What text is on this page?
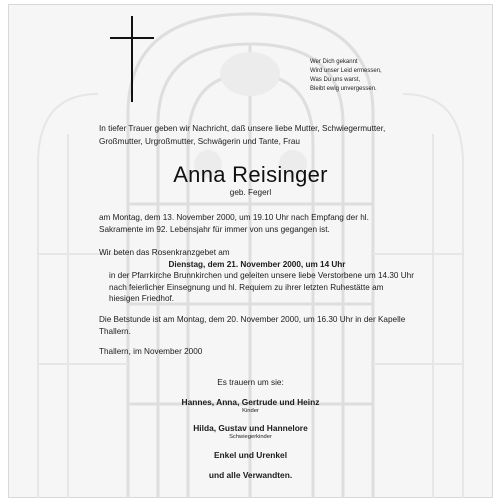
Wer Dich gekannt
Wird unser Leid ermessen,
Was Du uns warst,
Bleibt ewig unvergessen.
In tiefer Trauer geben wir Nachricht, daß unsere liebe Mutter, Schwiegermutter, Großmutter, Urgroßmutter, Schwägerin und Tante, Frau
Anna Reisinger
geb. Fegerl
am Montag, dem 13. November 2000, um 19.10 Uhr nach Empfang der hl. Sakramente im 92. Lebensjahr für immer von uns gegangen ist.
Wir beten das Rosenkranzgebet am
Dienstag, dem 21. November 2000, um 14 Uhr
in der Pfarrkirche Brunnkirchen und geleiten unsere liebe Verstorbene um 14.30 Uhr nach feierlicher Einsegnung und hl. Requiem zu ihrer letzten Ruhestätte am hiesigen Friedhof.
Die Betstunde ist am Montag, dem 20. November 2000, um 16.30 Uhr in der Kapelle Thallern.
Thallern, im November 2000
Es trauern um sie:
Hannes, Anna, Gertrude und Heinz
Kinder
Hilda, Gustav und Hannelore
Schwiegerkinder
Enkel und Urenkel
und alle Verwandten.
